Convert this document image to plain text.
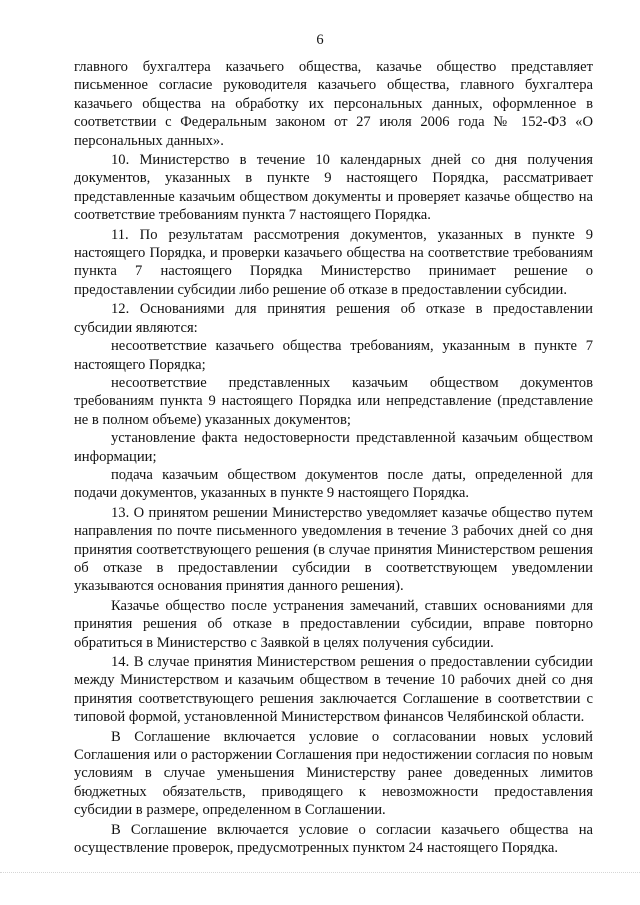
6

главного бухгалтера казачьего общества, казачье общество представляет письменное согласие руководителя казачьего общества, главного бухгалтера казачьего общества на обработку их персональных данных, оформленное в соответствии с Федеральным законом от 27 июля 2006 года № 152-ФЗ «О персональных данных».

10. Министерство в течение 10 календарных дней со дня получения документов, указанных в пункте 9 настоящего Порядка, рассматривает представленные казачьим обществом документы и проверяет казачье общество на соответствие требованиям пункта 7 настоящего Порядка.

11. По результатам рассмотрения документов, указанных в пункте 9 настоящего Порядка, и проверки казачьего общества на соответствие требованиям пункта 7 настоящего Порядка Министерство принимает решение о предоставлении субсидии либо решение об отказе в предоставлении субсидии.

12. Основаниями для принятия решения об отказе в предоставлении субсидии являются:

несоответствие казачьего общества требованиям, указанным в пункте 7 настоящего Порядка;

несоответствие представленных казачьим обществом документов требованиям пункта 9 настоящего Порядка или непредставление (представление не в полном объеме) указанных документов;

установление факта недостоверности представленной казачьим обществом информации;

подача казачьим обществом документов после даты, определенной для подачи документов, указанных в пункте 9 настоящего Порядка.

13. О принятом решении Министерство уведомляет казачье общество путем направления по почте письменного уведомления в течение 3 рабочих дней со дня принятия соответствующего решения (в случае принятия Министерством решения об отказе в предоставлении субсидии в соответствующем уведомлении указываются основания принятия данного решения).

Казачье общество после устранения замечаний, ставших основаниями для принятия решения об отказе в предоставлении субсидии, вправе повторно обратиться в Министерство с Заявкой в целях получения субсидии.

14. В случае принятия Министерством решения о предоставлении субсидии между Министерством и казачьим обществом в течение 10 рабочих дней со дня принятия соответствующего решения заключается Соглашение в соответствии с типовой формой, установленной Министерством финансов Челябинской области.

В Соглашение включается условие о согласовании новых условий Соглашения или о расторжении Соглашения при недостижении согласия по новым условиям в случае уменьшения Министерству ранее доведенных лимитов бюджетных обязательств, приводящего к невозможности предоставления субсидии в размере, определенном в Соглашении.

В Соглашение включается условие о согласии казачьего общества на осуществление проверок, предусмотренных пунктом 24 настоящего Порядка.
